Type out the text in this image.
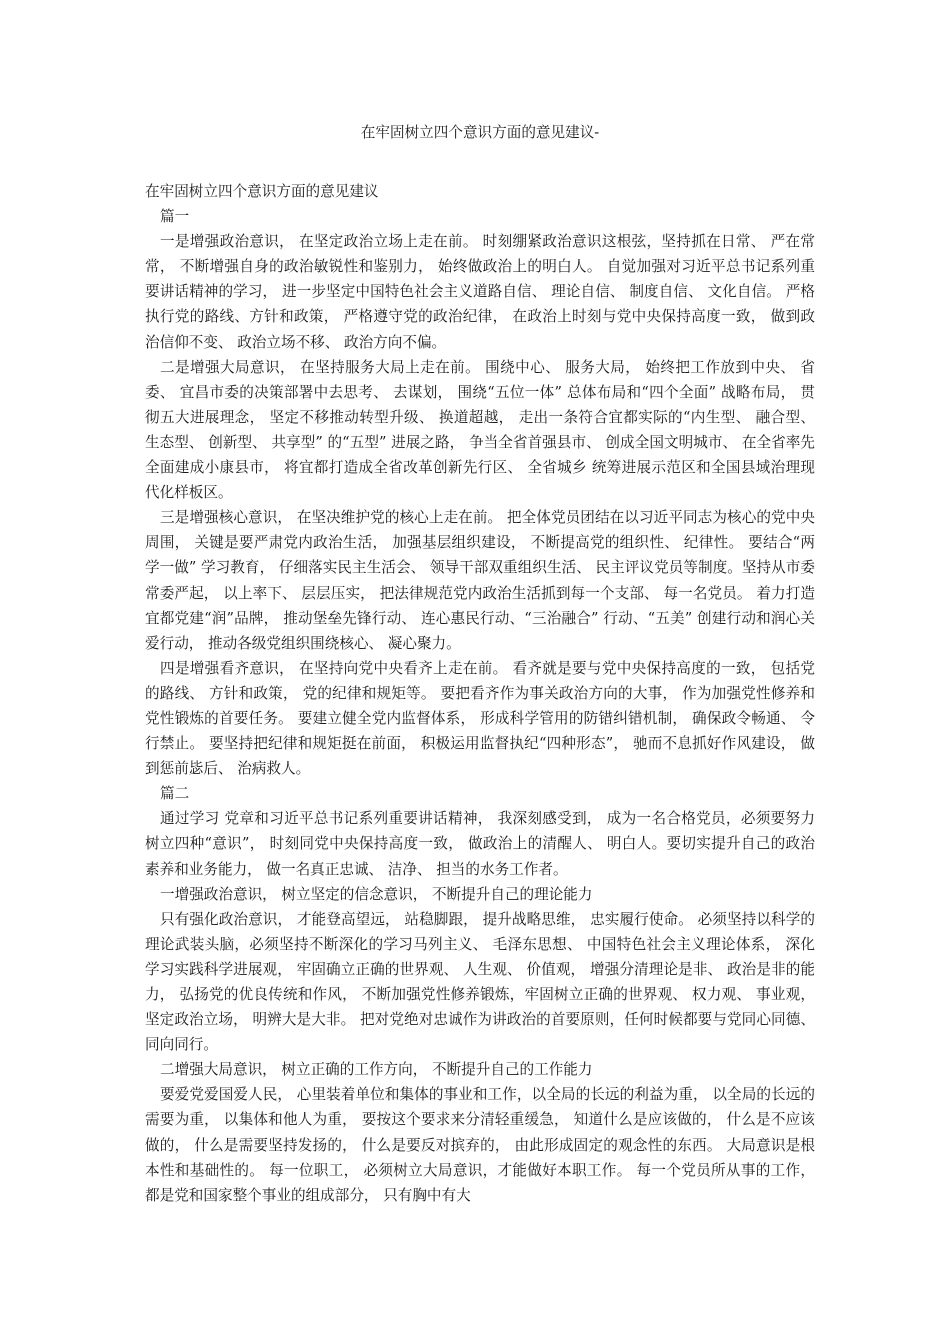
在牢固树立四个意识方面的意见建议-
在牢固树立四个意识方面的意见建议

篇一

一是增强政治意识， 在坚定政治立场上走在前。 时刻绷紧政治意识这根弦，坚持抓在日常、 严在常常， 不断增强自身的政治敏锐性和鉴别力， 始终做政治上的明白人。 自觉加强对习近平总书记系列重要讲话精神的学习， 进一步坚定中国特色社会主义道路自信、 理论自信、 制度自信、 文化自信。 严格执行党的路线、方针和政策， 严格遵守党的政治纪律， 在政治上时刻与党中央保持高度一致， 做到政治信仰不变、 政治立场不移、 政治方向不偏。

二是增强大局意识， 在坚持服务大局上走在前。 围绕中心、 服务大局， 始终把工作放到中央、 省委、 宜昌市委的决策部署中去思考、 去谋划， 围绕“五位一体” 总体布局和“四个全面” 战略布局， 贯彻五大进展理念， 坚定不移推动转型升级、 换道超越， 走出一条符合宜都实际的“内生型、 融合型、 生态型、 创新型、 共享型” 的“五型” 进展之路， 争当全省首强县市、 创成全国文明城市、 在全省率先全面建成小康县市， 将宜都打造成全省改革创新先行区、 全省城乡 统筹进展示范区和全国县域治理现代化样板区。

三是增强核心意识， 在坚决维护党的核心上走在前。 把全体党员团结在以习近平同志为核心的党中央周围， 关键是要严肃党内政治生活， 加强基层组织建设， 不断提高党的组织性、 纪律性。 要结合“两学一做” 学习教育， 仔细落实民主生活会、 领导干部双重组织生活、 民主评议党员等制度。坚持从市委常委严起， 以上率下、 层层压实， 把法律规范党内政治生活抓到每一个支部、 每一名党员。 着力打造宜都党建“润”品牌， 推动堡垒先锋行动、 连心惠民行动、“三治融合” 行动、“五美” 创建行动和润心关爱行动， 推动各级党组织围绕核心、 凝心聚力。

四是增强看齐意识， 在坚持向党中央看齐上走在前。 看齐就是要与党中央保持高度的一致， 包括党的路线、 方针和政策， 党的纪律和规矩等。 要把看齐作为事关政治方向的大事， 作为加强党性修养和党性锻炼的首要任务。 要建立健全党内监督体系， 形成科学管用的防错纠错机制， 确保政令畅通、 令行禁止。 要坚持把纪律和规矩挺在前面， 积极运用监督执纪“四种形态”， 驰而不息抓好作风建设， 做到惩前毖后、 治病救人。

篇二

通过学习 党章和习近平总书记系列重要讲话精神， 我深刻感受到， 成为一名合格党员，必须要努力树立四种“意识”， 时刻同党中央保持高度一致， 做政治上的清醒人、 明白人。要切实提升自己的政治素养和业务能力， 做一名真正忠诚、 洁净、 担当的水务工作者。

一增强政治意识， 树立坚定的信念意识， 不断提升自己的理论能力

只有强化政治意识， 才能登高望远， 站稳脚跟， 提升战略思维， 忠实履行使命。 必须坚持以科学的理论武装头脑，必须坚持不断深化的学习马列主义、 毛泽东思想、 中国特色社会主义理论体系， 深化学习实践科学进展观， 牢固确立正确的世界观、 人生观、 价值观， 增强分清理论是非、 政治是非的能力， 弘扬党的优良传统和作风， 不断加强党性修养锻炼，牢固树立正确的世界观、 权力观、 事业观， 坚定政治立场， 明辨大是大非。 把对党绝对忠诚作为讲政治的首要原则，任何时候都要与党同心同德、 同向同行。

二增强大局意识， 树立正确的工作方向， 不断提升自己的工作能力

要爱党爱国爱人民， 心里装着单位和集体的事业和工作，以全局的长远的利益为重， 以全局的长远的需要为重， 以集体和他人为重， 要按这个要求来分清轻重缓急， 知道什么是应该做的， 什么是不应该做的， 什么是需要坚持发扬的， 什么是要反对摈弃的， 由此形成固定的观念性的东西。 大局意识是根本性和基础性的。 每一位职工， 必须树立大局意识，才能做好本职工作。 每一个党员所从事的工作， 都是党和国家整个事业的组成部分， 只有胸中有大
